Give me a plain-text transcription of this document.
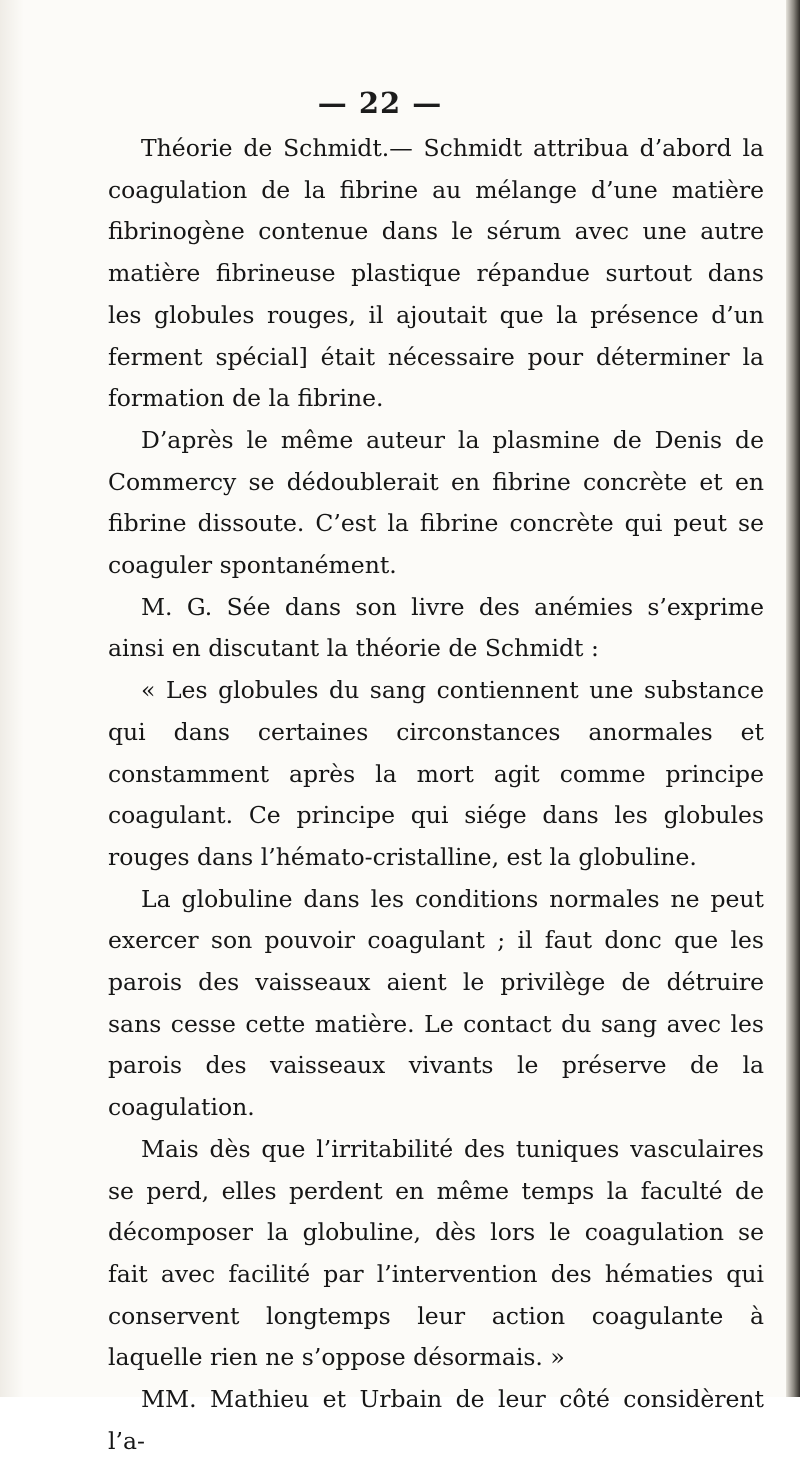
— 22 —

Théorie de Schmidt.— Schmidt attribua d’abord la coagulation de la fibrine au mélange d’une matière fibrinogène contenue dans le sérum avec une autre matière fibrineuse plastique répandue surtout dans les globules rouges, il ajoutait que la présence d’un ferment spécial] était nécessaire pour déterminer la formation de la fibrine.

D’après le même auteur la plasmine de Denis de Commercy se dédoublerait en fibrine concrète et en fibrine dissoute. C’est la fibrine concrète qui peut se coaguler spontanément.

M. G. Sée dans son livre des anémies s’exprime ainsi en discutant la théorie de Schmidt :

« Les globules du sang contiennent une substance qui dans certaines circonstances anormales et constamment après la mort agit comme principe coagulant. Ce principe qui siége dans les globules rouges dans l’hémato-cristalline, est la globuline.

La globuline dans les conditions normales ne peut exercer son pouvoir coagulant ; il faut donc que les parois des vaisseaux aient le privilège de détruire sans cesse cette matière. Le contact du sang avec les parois des vaisseaux vivants le préserve de la coagulation.

Mais dès que l’irritabilité des tuniques vasculaires se perd, elles perdent en même temps la faculté de décomposer la globuline, dès lors le coagulation se fait avec facilité par l’intervention des hématies qui conservent longtemps leur action coagulante à laquelle rien ne s’oppose désormais. »

MM. Mathieu et Urbain de leur côté considèrent l’a-
